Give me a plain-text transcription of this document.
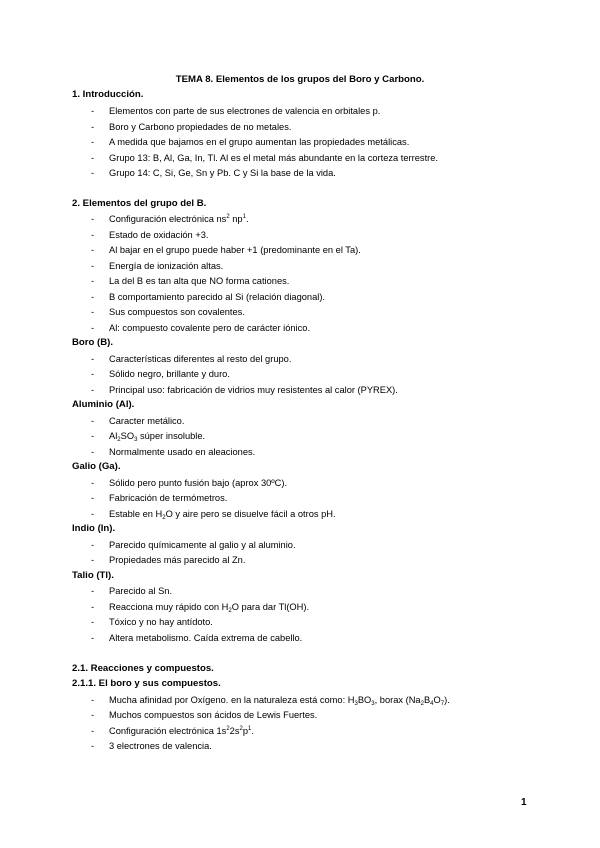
TEMA 8. Elementos de los grupos del Boro y Carbono.
1. Introducción.
- Elementos con parte de sus electrones de valencia en orbitales p.
- Boro y Carbono propiedades de no metales.
- A medida que bajamos en el grupo aumentan las propiedades metálicas.
- Grupo 13: B, Al, Ga, In, Tl. Al es el metal más abundante en la corteza terrestre.
- Grupo 14: C, Si, Ge, Sn y Pb. C y Si la base de la vida.
2. Elementos del grupo del B.
- Configuración electrónica $ns^2$ $np^1$.
- Estado de oxidación +3.
- Al bajar en el grupo puede haber +1 (predominante en el Ta).
- Energía de ionización altas.
- La del B es tan alta que NO forma cationes.
- B comportamiento parecido al Si (relación diagonal).
- Sus compuestos son covalentes.
- Al: compuesto covalente pero de carácter iónico.
Boro (B).
- Características diferentes al resto del grupo.
- Sólido negro, brillante y duro.
- Principal uso: fabricación de vidrios muy resistentes al calor (PYREX).
Aluminio (Al).
- Caracter metálico.
- $Al_2SO_3$ súper insoluble.
- Normalmente usado en aleaciones.
Galio (Ga).
- Sólido pero punto fusión bajo (aprox 30ºC).
- Fabricación de termómetros.
- Estable en $H_2O$ y aire pero se disuelve fácil a otros pH.
Indio (In).
- Parecido químicamente al galio y al aluminio.
- Propiedades más parecido al Zn.
Talio (Tl).
- Parecido al Sn.
- Reacciona muy rápido con $H_2O$ para dar Tl(OH).
- Tóxico y no hay antídoto.
- Altera metabolismo. Caída extrema de cabello.
2.1. Reacciones y compuestos.
2.1.1. El boro y sus compuestos.
- Mucha afinidad por Oxígeno. en la naturaleza está como: $H_3BO_3$, borax $(Na_2B_4O_7)$.
- Muchos compuestos son ácidos de Lewis Fuertes.
- Configuración electrónica $1s^22s^2p^1$.
- 3 electrones de valencia.
1
